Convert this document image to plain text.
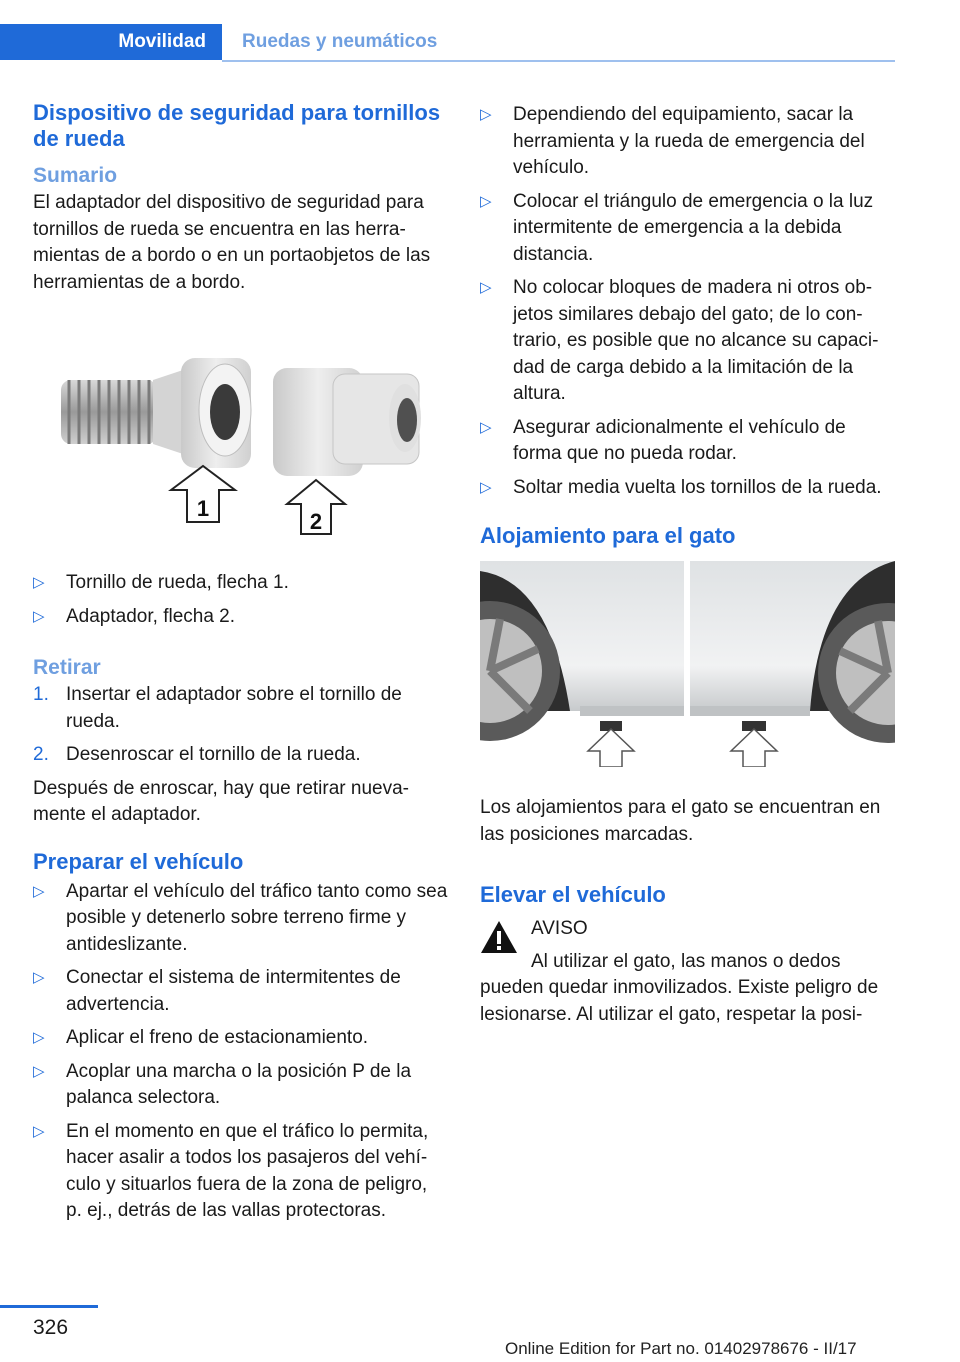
Movilidad	Ruedas y neumáticos
Dispositivo de seguridad para tornillos de rueda
Sumario

El adaptador del dispositivo de seguridad para tornillos de rueda se encuentra en las herramientas de a bordo o en un portaobjetos de las herramientas de a bordo.

1
2
▷ Tornillo de rueda, flecha 1.
▷ Adaptador, flecha 2.
Retirar
1. Insertar el adaptador sobre el tornillo de rueda.
2. Desenroscar el tornillo de la rueda.

Después de enroscar, hay que retirar nuevamente el adaptador.

Preparar el vehículo
▷ Apartar el vehículo del tráfico tanto como sea posible y detenerlo sobre terreno firme y antideslizante.
▷ Conectar el sistema de intermitentes de advertencia.
▷ Aplicar el freno de estacionamiento.
▷ Acoplar una marcha o la posición P de la palanca selectora.
▷ En el momento en que el tráfico lo permita, hacer asalir a todos los pasajeros del vehículo y situarlos fuera de la zona de peligro, p. ej., detrás de las vallas protectoras.
▷ Dependiendo del equipamiento, sacar la herramienta y la rueda de emergencia del vehículo.
▷ Colocar el triángulo de emergencia o la luz intermitente de emergencia a la debida distancia.
▷ No colocar bloques de madera ni otros objetos similares debajo del gato; de lo contrario, es posible que no alcance su capacidad de carga debido a la limitación de la altura.
▷ Asegurar adicionalmente el vehículo de forma que no pueda rodar.
▷ Soltar media vuelta los tornillos de la rueda.
Alojamiento para el gato

Los alojamientos para el gato se encuentran en las posiciones marcadas.

Elevar el vehículo
AVISO
Al utilizar el gato, las manos o dedos

pueden quedar inmovilizados. Existe peligro de lesionarse. Al utilizar el gato, respetar la posi-

326
Online Edition for Part no. 01402978676 - II/17
